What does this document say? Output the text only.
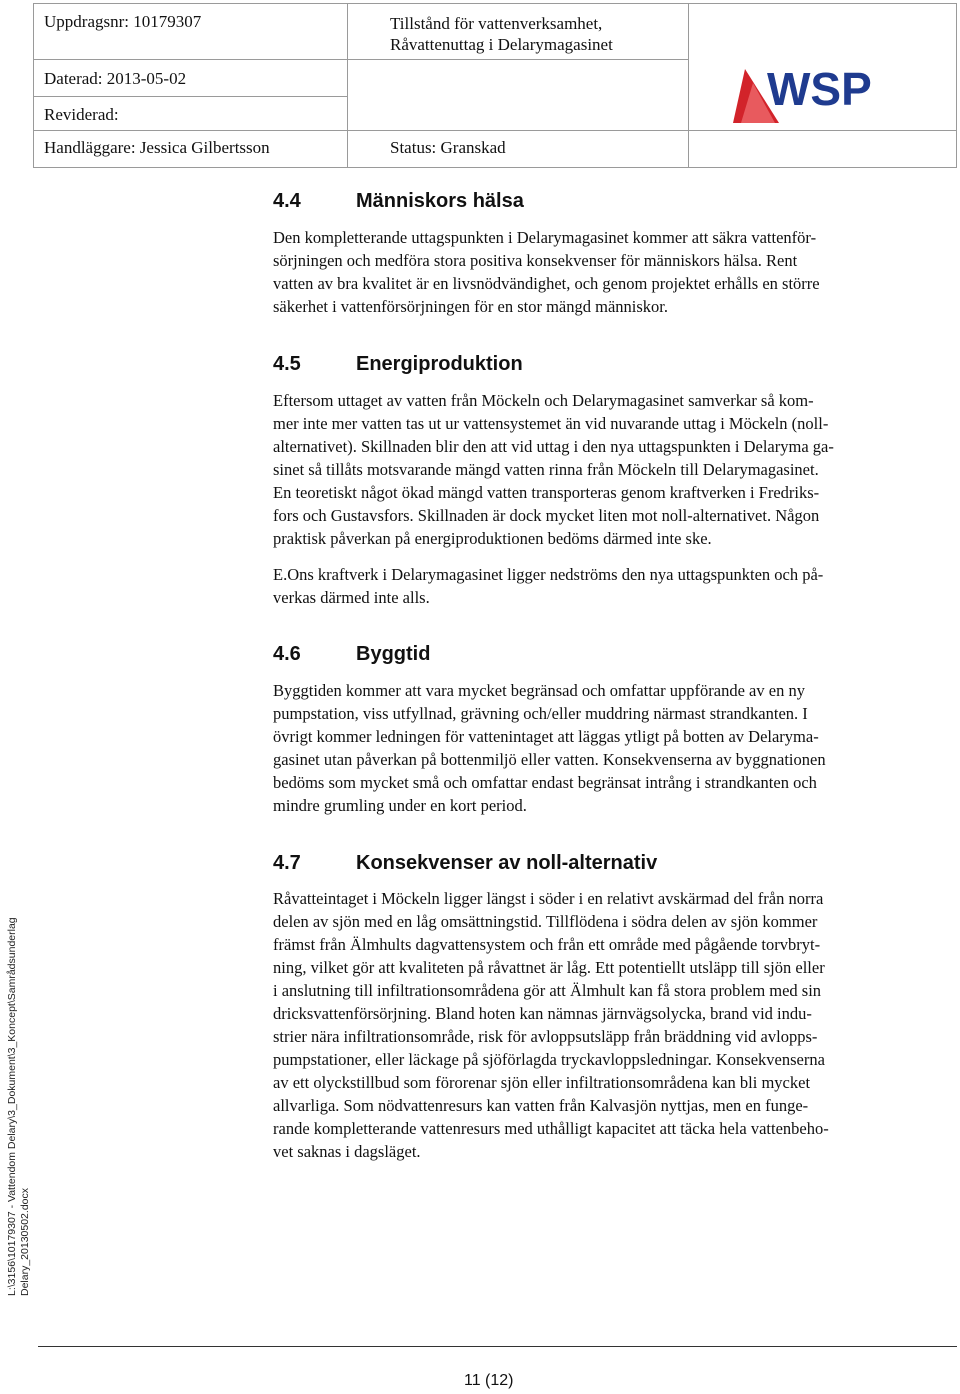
Uppdragsnr: 10179307	Tillstånd för vattenverksamhet,
Råvattenuttag i Delarymagasinet
Daterad: 2013-05-02
Reviderad:
Handläggare: Jessica Gilbertsson	Status: Granskad
WSP
4.4	Människors hälsa
Den kompletterande uttagspunkten i Delarymagasinet kommer att säkra vattenför-
sörjningen och medföra stora positiva konsekvenser för människors hälsa. Rent
vatten av bra kvalitet är en livsnödvändighet, och genom projektet erhålls en större
säkerhet i vattenförsörjningen för en stor mängd människor.
4.5	Energiproduktion
Eftersom uttaget av vatten från Möckeln och Delarymagasinet samverkar så kom-
mer inte mer vatten tas ut ur vattensystemet än vid nuvarande uttag i Möckeln (noll-
alternativet). Skillnaden blir den att vid uttag i den nya uttagspunkten i Delaryma ga-
sinet så tillåts motsvarande mängd vatten rinna från Möckeln till Delarymagasinet.
En teoretiskt något ökad mängd vatten transporteras genom kraftverken i Fredriks-
fors och Gustavsfors. Skillnaden är dock mycket liten mot noll-alternativet. Någon
praktisk påverkan på energiproduktionen bedöms därmed inte ske.
E.Ons kraftverk i Delarymagasinet ligger nedströms den nya uttagspunkten och på-
verkas därmed inte alls.
4.6	Byggtid
Byggtiden kommer att vara mycket begränsad och omfattar uppförande av en ny
pumpstation, viss utfyllnad, grävning och/eller muddring närmast strandkanten. I
övrigt kommer ledningen för vattenintaget att läggas ytligt på botten av Delaryma-
gasinet utan påverkan på bottenmiljö eller vatten. Konsekvenserna av byggnationen
bedöms som mycket små och omfattar endast begränsat intrång i strandkanten och
mindre grumling under en kort period.
4.7	Konsekvenser av noll-alternativ
Råvatteintaget i Möckeln ligger längst i söder i en relativt avskärmad del från norra
delen av sjön med en låg omsättningstid. Tillflödena i södra delen av sjön kommer
främst från Älmhults dagvattensystem och från ett område med pågående torvbryt-
ning, vilket gör att kvaliteten på råvattnet är låg. Ett potentiellt utsläpp till sjön eller
i anslutning till infiltrationsområdena gör att Älmhult kan få stora problem med sin
dricksvattenförsörjning. Bland hoten kan nämnas järnvägsolycka, brand vid indu-
strier nära infiltrationsområde, risk för avloppsutsläpp från bräddning vid avlopps-
pumpstationer, eller läckage på sjöförlagda tryckavloppsledningar. Konsekvenserna
av ett olyckstillbud som förorenar sjön eller infiltrationsområdena kan bli mycket
allvarliga. Som nödvattenresurs kan vatten från Kalvasjön nyttjas, men en funge-
rande kompletterande vattenresurs med uthålligt kapacitet att täcka hela vattenbeho-
vet saknas i dagsläget.
L:\3156\10179307 - Vattendom Delary\3_Dokument\3_Koncept\Samrådsunderlag Delary_20130502.docx
11 (12)
